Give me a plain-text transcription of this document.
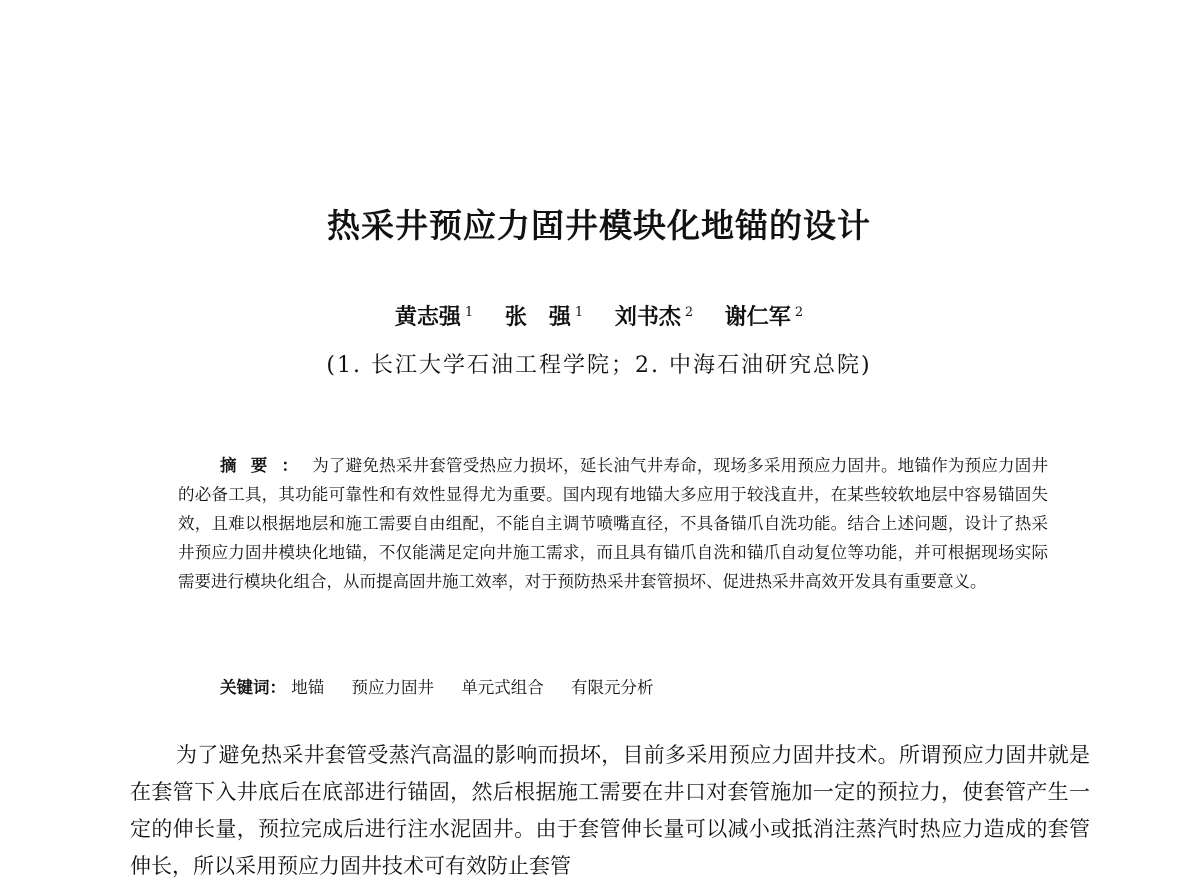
热采井预应力固井模块化地锚的设计
黄志强 $^1$ 张　强 $^1$ 刘书杰 $^2$ 谢仁军 $^2$
(1. 长江大学石油工程学院；2. 中海石油研究总院)

摘要：为了避免热采井套管受热应力损坏，延长油气井寿命，现场多采用预应力固井。地锚作为预应力固井的必备工具，其功能可靠性和有效性显得尤为重要。国内现有地锚大多应用于较浅直井，在某些较软地层中容易锚固失效，且难以根据地层和施工需要自由组配，不能自主调节喷嘴直径，不具备锚爪自洗功能。结合上述问题，设计了热采井预应力固井模块化地锚，不仅能满足定向井施工需求，而且具有锚爪自洗和锚爪自动复位等功能，并可根据现场实际需要进行模块化组合，从而提高固井施工效率，对于预防热采井套管损坏、促进热采井高效开发具有重要意义。

关键词： 地锚 预应力固井 单元式组合 有限元分析

为了避免热采井套管受蒸汽高温的影响而损坏，目前多采用预应力固井技术。所谓预应力固井就是在套管下入井底后在底部进行锚固，然后根据施工需要在井口对套管施加一定的预拉力，使套管产生一定的伸长量，预拉完成后进行注水泥固井。由于套管伸长量可以减小或抵消注蒸汽时热应力造成的套管伸长，所以采用预应力固井技术可有效防止套管
